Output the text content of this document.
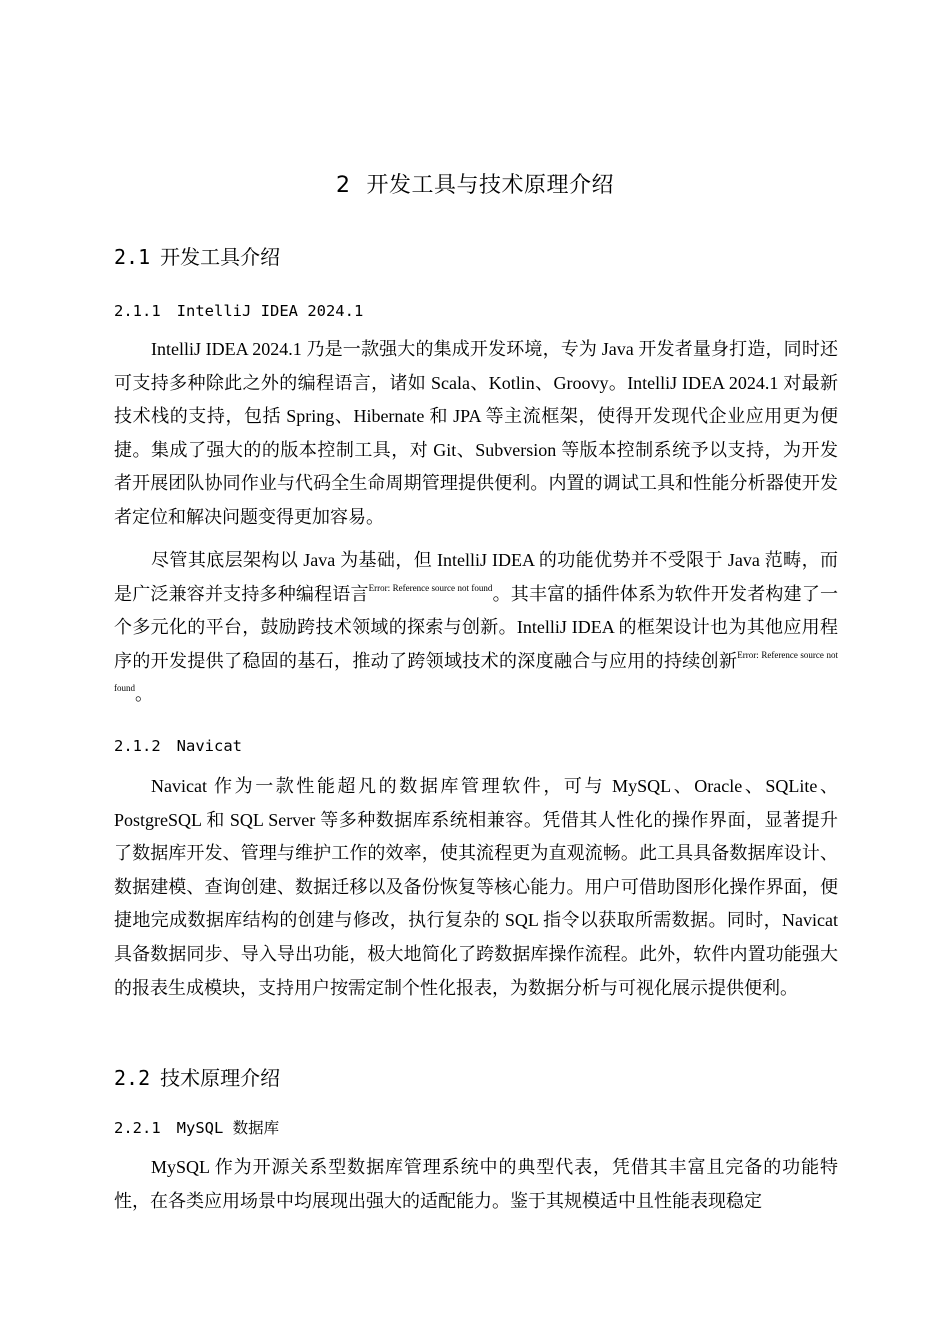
2 开发工具与技术原理介绍
2.1 开发工具介绍
2.1.1 IntelliJ IDEA 2024.1

IntelliJ IDEA 2024.1 乃是一款强大的集成开发环境，专为 Java 开发者量身打造，同时还可支持多种除此之外的编程语言，诸如 Scala、Kotlin、Groovy。IntelliJ IDEA 2024.1 对最新技术栈的支持，包括 Spring、Hibernate 和 JPA 等主流框架，使得开发现代企业应用更为便捷。集成了强大的的版本控制工具，对 Git、Subversion 等版本控制系统予以支持，为开发者开展团队协同作业与代码全生命周期管理提供便利。内置的调试工具和性能分析器使开发者定位和解决问题变得更加容易。

尽管其底层架构以 Java 为基础，但 IntelliJ IDEA 的功能优势并不受限于 Java 范畴，而是广泛兼容并支持多种编程语言$^{Error: Reference source not found}$。其丰富的插件体系为软件开发者构建了一个多元化的平台，鼓励跨技术领域的探索与创新。IntelliJ IDEA 的框架设计也为其他应用程序的开发提供了稳固的基石，推动了跨领域技术的深度融合与应用的持续创新$^{Error: Reference source not found}$。

2.1.2 Navicat

Navicat 作为一款性能超凡的数据库管理软件，可与 MySQL、Oracle、SQLite、PostgreSQL 和 SQL Server 等多种数据库系统相兼容。凭借其人性化的操作界面，显著提升了数据库开发、管理与维护工作的效率，使其流程更为直观流畅。此工具具备数据库设计、数据建模、查询创建、数据迁移以及备份恢复等核心能力。用户可借助图形化操作界面，便捷地完成数据库结构的创建与修改，执行复杂的 SQL 指令以获取所需数据。同时，Navicat 具备数据同步、导入导出功能，极大地简化了跨数据库操作流程。此外，软件内置功能强大的报表生成模块，支持用户按需定制个性化报表，为数据分析与可视化展示提供便利。

2.2 技术原理介绍
2.2.1 MySQL 数据库

MySQL 作为开源关系型数据库管理系统中的典型代表，凭借其丰富且完备的功能特性，在各类应用场景中均展现出强大的适配能力。鉴于其规模适中且性能表现稳定
